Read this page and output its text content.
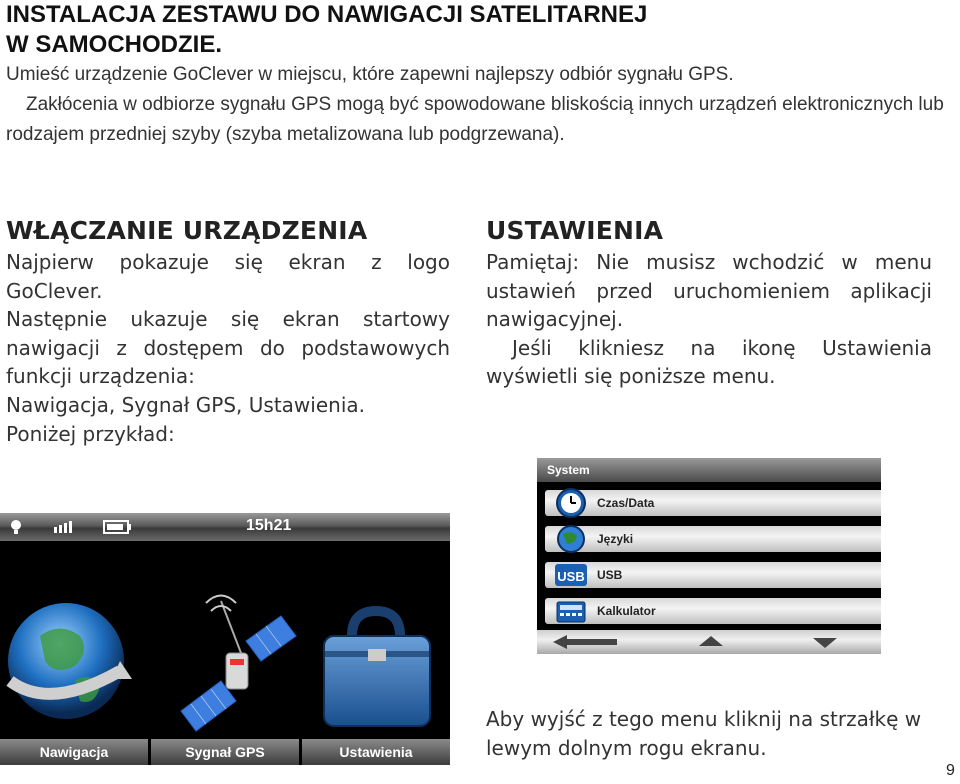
INSTALACJA ZESTAWU DO NAWIGACJI SATELITARNEJ
W SAMOCHODZIE.

Umieść urządzenie GoClever w miejscu, które zapewni najlepszy odbiór sygnału GPS.

Zakłócenia w odbiorze sygnału GPS mogą być spowodowane bliskością innych urządzeń elektronicznych lub rodzajem przedniej szyby (szyba metalizowana lub podgrzewana).

WŁĄCZANIE URZĄDZENIA

Najpierw pokazuje się ekran z logo GoClever.

Następnie ukazuje się ekran startowy nawigacji z dostępem do podstawowych funkcji urządzenia:

Nawigacja, Sygnał GPS, Ustawienia.

Poniżej przykład:

USTAWIENIA

Pamiętaj: Nie musisz wchodzić w menu ustawień przed uruchomieniem aplikacji nawigacyjnej.

Jeśli klikniesz na ikonę Ustawienia wyświetli się poniższe menu.

15h21
Nawigacja	Sygnał GPS	Ustawienia
System
Czas/Data
Języki
USB USB
Kalkulator
Aby wyjść z tego menu kliknij na strzałkę w lewym dolnym rogu ekranu.
9
